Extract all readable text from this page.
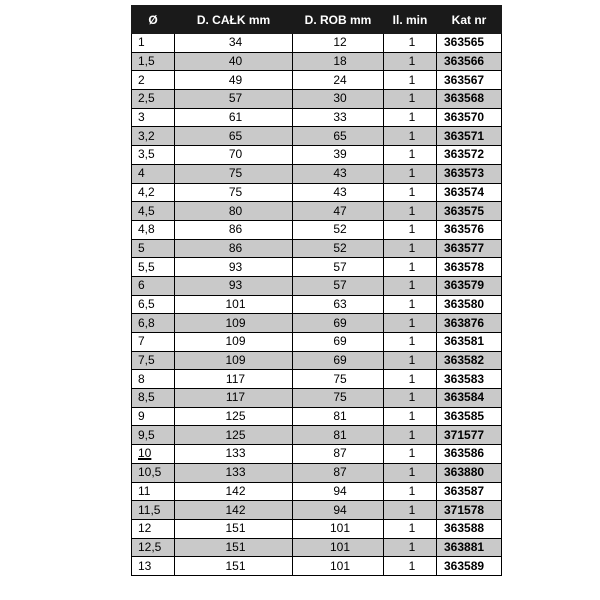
Ø	D. CAŁK mm	D. ROB mm	Il. min	Kat nr
1	34	12	1	363565
1,5	40	18	1	363566
2	49	24	1	363567
2,5	57	30	1	363568
3	61	33	1	363570
3,2	65	65	1	363571
3,5	70	39	1	363572
4	75	43	1	363573
4,2	75	43	1	363574
4,5	80	47	1	363575
4,8	86	52	1	363576
5	86	52	1	363577
5,5	93	57	1	363578
6	93	57	1	363579
6,5	101	63	1	363580
6,8	109	69	1	363876
7	109	69	1	363581
7,5	109	69	1	363582
8	117	75	1	363583
8,5	117	75	1	363584
9	125	81	1	363585
9,5	125	81	1	371577
10	133	87	1	363586
10,5	133	87	1	363880
11	142	94	1	363587
11,5	142	94	1	371578
12	151	101	1	363588
12,5	151	101	1	363881
13	151	101	1	363589
